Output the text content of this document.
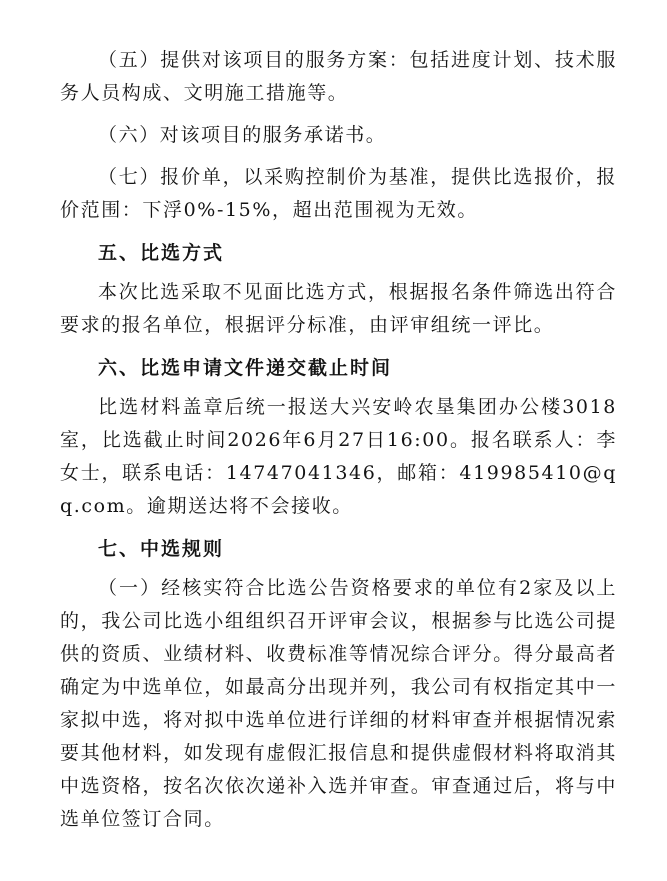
（五）提供对该项目的服务方案：包括进度计划、技术服务人员构成、文明施工措施等。

（六）对该项目的服务承诺书。

（七）报价单，以采购控制价为基准，提供比选报价，报价范围：下浮0%-15%，超出范围视为无效。

五、比选方式

本次比选采取不见面比选方式，根据报名条件筛选出符合要求的报名单位，根据评分标准，由评审组统一评比。

六、比选申请文件递交截止时间

比选材料盖章后统一报送大兴安岭农垦集团办公楼3018室，比选截止时间2026年6月27日16:00。报名联系人：李女士，联系电话：14747041346，邮箱：419985410@qq.com。逾期送达将不会接收。

七、中选规则

（一）经核实符合比选公告资格要求的单位有2家及以上的，我公司比选小组组织召开评审会议，根据参与比选公司提供的资质、业绩材料、收费标准等情况综合评分。得分最高者确定为中选单位，如最高分出现并列，我公司有权指定其中一家拟中选，将对拟中选单位进行详细的材料审查并根据情况索要其他材料，如发现有虚假汇报信息和提供虚假材料将取消其中选资格，按名次依次递补入选并审查。审查通过后，将与中选单位签订合同。
